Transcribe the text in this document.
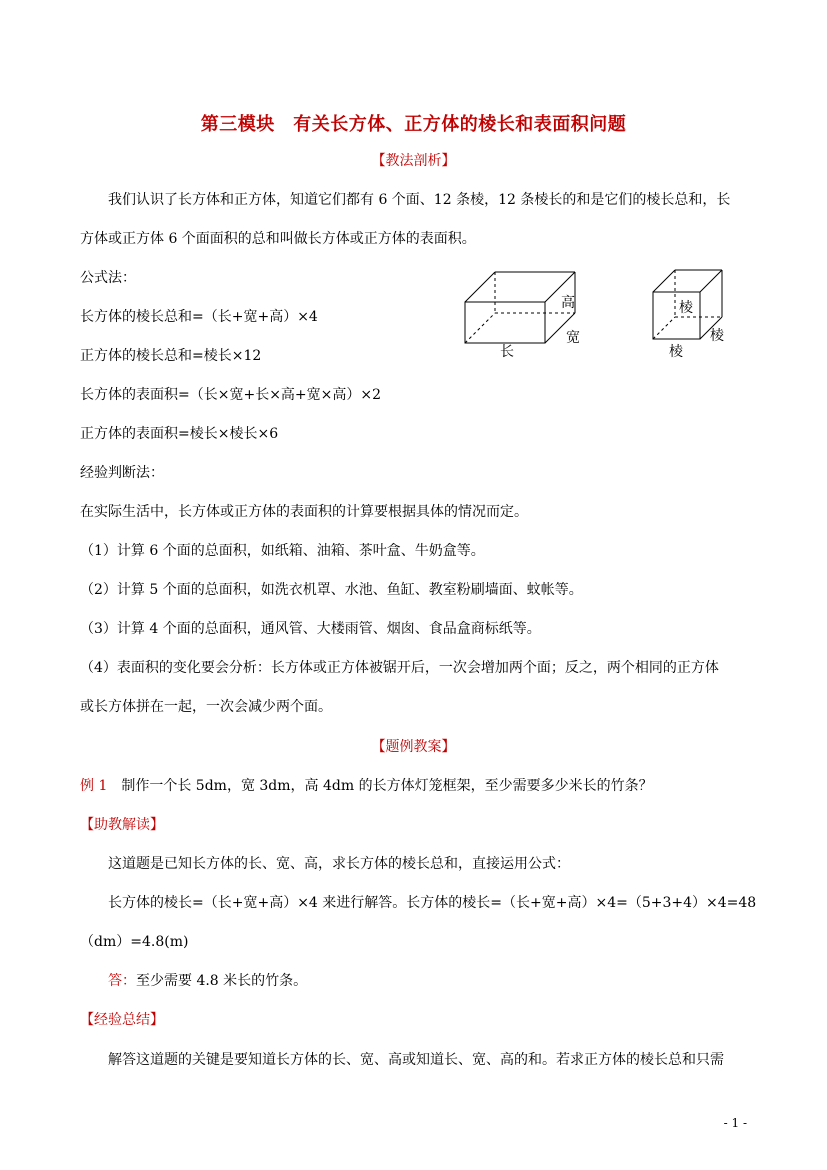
第三模块　有关长方体、正方体的棱长和表面积问题
【教法剖析】
我们认识了长方体和正方体，知道它们都有 6 个面、12 条棱，12 条棱长的和是它们的棱长总和，长
方体或正方体 6 个面面积的总和叫做长方体或正方体的表面积。
公式法：
长方体的棱长总和=（长+宽+高）×4
正方体的棱长总和=棱长×12
长方体的表面积=（长×宽+长×高+宽×高）×2
正方体的表面积=棱长×棱长×6
高
宽
长
棱
棱
棱
经验判断法：
在实际生活中，长方体或正方体的表面积的计算要根据具体的情况而定。
（1）计算 6 个面的总面积，如纸箱、油箱、茶叶盒、牛奶盒等。
（2）计算 5 个面的总面积，如洗衣机罩、水池、鱼缸、教室粉刷墙面、蚊帐等。
（3）计算 4 个面的总面积，通风管、大楼雨管、烟囱、食品盒商标纸等。
（4）表面积的变化要会分析：长方体或正方体被锯开后，一次会增加两个面；反之，两个相同的正方体
或长方体拼在一起，一次会减少两个面。
【题例教案】
例 1　制作一个长 5dm，宽 3dm，高 4dm 的长方体灯笼框架，至少需要多少米长的竹条？
【助教解读】
这道题是已知长方体的长、宽、高，求长方体的棱长总和，直接运用公式：
长方体的棱长=（长+宽+高）×4 来进行解答。长方体的棱长=（长+宽+高）×4=（5+3+4）×4=48
（dm）=4.8(m)
答：至少需要 4.8 米长的竹条。
【经验总结】
解答这道题的关键是要知道长方体的长、宽、高或知道长、宽、高的和。若求正方体的棱长总和只需
- 1 -
